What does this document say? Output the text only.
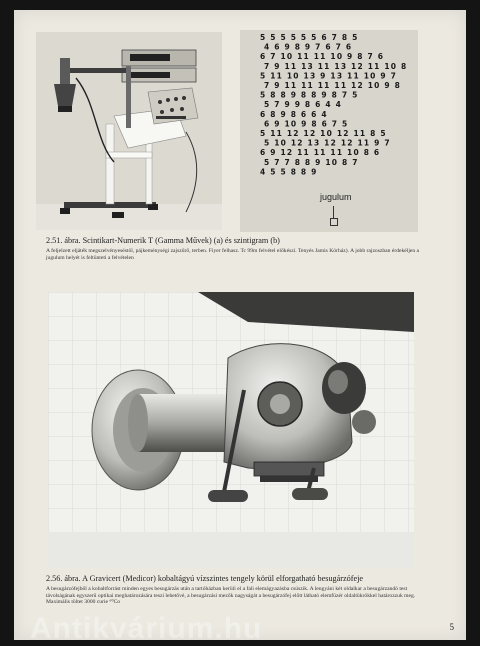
5 5 5 5 5 5 6 7 8 5
4 6 9 8 9 7 6 7 6
6 7 10 11 11 10 9 8 7 6
7 9 11 13 11 13 12 11 10 8
5 11 10 13 9 13 11 10 9 7
7 9 11 11 11 11 12 10 9 8
5 8 8 9 8 8 9 8 7 5
5 7 9 9 8 6 4 4
6 8 9 8 6 6 4
6 9 10 9 8 6 7 5
5 11 12 12 10 12 11 8 5
5 10 12 13 12 12 11 9 7
6 9 12 11 11 11 10 8 6
5 7 7 8 8 9 10 8 7
4 5 5 8 8 9
jugulum
2.51. ábra. Scintikart-Numerik T (Gamma Művek) (a) és szintigram (b)
A feljelzett eljáték megszelvényeséstöl, pájkeménységi zajszűrő, terben. Fiyer felhasz. Tc 99m felvétel előkészí. Tenyés Jamis Kórház). A jobb rajzoszban érdekéljen a jugulum helyét is feltünteti a felvételen
2.56. ábra. A Gravicert (Medicor) kobaltágyú vízszintes tengely körül elforgatható besugárzófeje
A besugárzófejből a kobaltforrást minden egyes besugárzás után a tartóházban kerüli el a fali elemágyazásba csúszik. A lengyáni két oldalkar a besugárzandó test távolságának egyszerű optikai meghatározására teszi lehetővé, a besugárzási mezők nagyságát a besugárzófej előtt látható elemfüzér oldaltükrökkel határozzuk meg. Maximális töltet 3000 curie ⁶⁰Co
5
Antikvárium.hu
